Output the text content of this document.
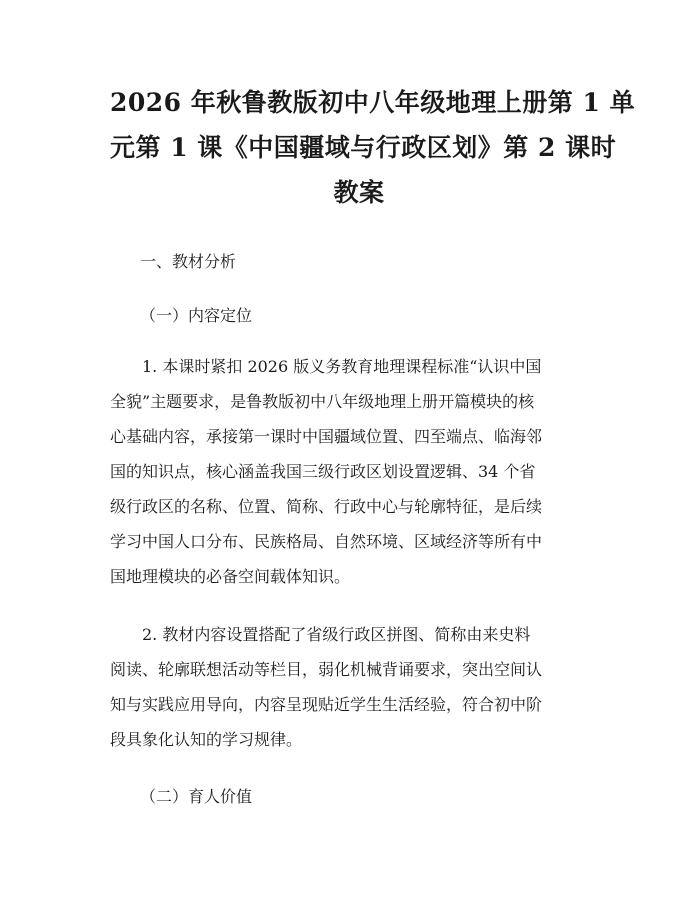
2026 年秋鲁教版初中八年级地理上册第 1 单
元第 1 课《中国疆域与行政区划》第 2 课时
教案

一、教材分析

（一）内容定位

1. 本课时紧扣 2026 版义务教育地理课程标准“认识中国
全貌”主题要求，是鲁教版初中八年级地理上册开篇模块的核
心基础内容，承接第一课时中国疆域位置、四至端点、临海邻
国的知识点，核心涵盖我国三级行政区划设置逻辑、34 个省
级行政区的名称、位置、简称、行政中心与轮廓特征，是后续
学习中国人口分布、民族格局、自然环境、区域经济等所有中
国地理模块的必备空间载体知识。
2. 教材内容设置搭配了省级行政区拼图、简称由来史料
阅读、轮廓联想活动等栏目，弱化机械背诵要求，突出空间认
知与实践应用导向，内容呈现贴近学生生活经验，符合初中阶
段具象化认知的学习规律。

（二）育人价值
